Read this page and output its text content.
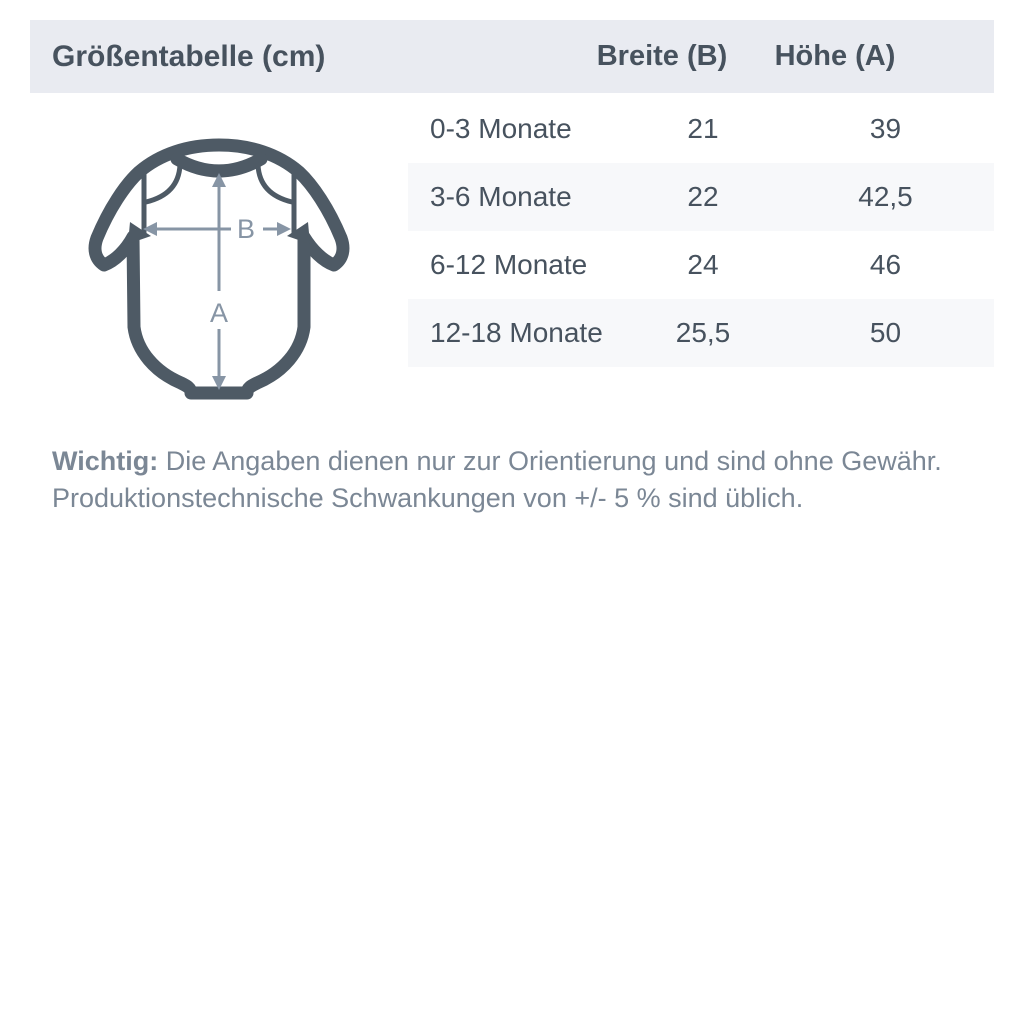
Größentabelle (cm)	Breite (B)	Höhe (A)
A
B
0-3 Monate	21	39
3-6 Monate	22	42,5
6-12 Monate	24	46
12-18 Monate	25,5	50

Wichtig: Die Angaben dienen nur zur Orientierung und sind ohne Gewähr.
Produktionstechnische Schwankungen von +/- 5 % sind üblich.
